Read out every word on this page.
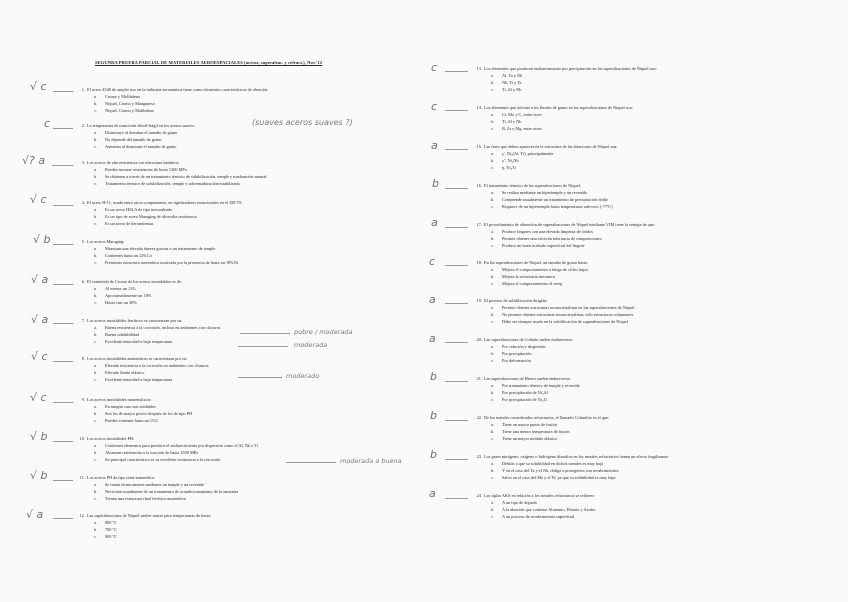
SEGUNDA PRUEBA PARCIAL DE MATERIALES AEROESPACIALES (aceros, superaleac. y refract.), Nov.'12
1. El acero 4340 de amplio uso en la industria aeronáutica tiene como elementos característicos de aleación:
a. Cromo y Molibdeno
b. Níquel, Cromo y Manganeso
c. Níquel, Cromo y Molibdeno
2. La temperatura de transición dúctil-frágil en los aceros suaves:
a. Disminuye al dominar el tamaño de grano
b. No depende del tamaño de grano
c. Aumenta al disminuir el tamaño de grano
3. Los aceros de alta resistencia con estructura bainítica:
a. Pueden mostrar resistencias de hasta 1200 MPa
b. Se obtienen a través de un tratamiento térmico de solubilización, temple y maduración natural
c. Tratamiento térmico de solubilización, temple y sobremaduración/estabilizado
4. El acero H-11, usado entre otros componentes, en rigidizadores estructurales en el XB-70:
a. Es un acero HSLA de tipo microaleado
b. Es un tipo de acero Maraging de ultra-alta resistencia
c. Es un acero de herramientas
5. Los aceros Maraging:
a. Muestran una elevada dureza gracias a un tratamiento de temple
b. Contienen hasta un 12%Co
c. Presentan estructura austenítica motivada por la presencia de hasta un 18%Ni
6. El contenido de Cromo de los aceros inoxidables es de:
a. Al menos un 11%
b. Aproximadamente un 18%
c. Hasta casi un 30%
7. Los aceros inoxidables ferríticos se caracterizan por su:
a. Buena resistencia a la corrosión, incluso en ambientes con cloruros
b. Buena solidabilidad
c. Excelente tenacidad a baja temperatura
8. Los aceros inoxidables austeníticos se caracterizan por su:
a. Elevada resistencia a la corrosión en ambientes con cloruros
b. Elevado límite elástico
c. Excelente tenacidad a baja temperatura
9. Los aceros inoxidables martensíticos:
a. En ningún caso son soldables
b. Son los de mayor precio después de los de tipo PH
c. Pueden contener hasta un 1%C
10. Los aceros inoxidables PH:
a. Contienen elementos para producir el endurecimiento por dispersión como el Al, Nb o Ti
b. Alcanzan resistencias a la tracción de hasta 1500 MPa
c. Su principal característica es su excelente resistencia a la corrosión
11. Los aceros PH de tipo semi-austenítico:
a. Se tratan térmicamente mediante un temple y un revenido
b. Necesitan usualmente de un tratamiento de acondicionamiento de la austenita
c. Tienen una estructura final ferrítico-austenítica
12. Las superaleaciones de Níquel suelen usarse para temperaturas de hasta:
a. 800 ºC
b. 700 ºC
c. 900 ºC
13. Los elementos que producen endurecimiento por precipitación en las superaleaciones de Níquel son:
a. Al, Ta y Nb
b. Nb, Ti y Ta
c. Ti, Al y Nb
14. Los elementos que afectan a los límites de grano en las superaleaciones de Níquel son:
a. Cr, Mo y C, entre otros
b. Ti, Al y Nb
c. B, Zr y Mg, entre otros
15. Las fases que deben aparecer en la estructura de las aleaciones de Níquel son:
a. γ', Ni₃(Al, Ti), principalmente
b. γ'', Ni₃Nb
c. η, Ni₃Ti
16. El tratamiento térmico de las superaleaciones de Níquel:
a. Se realiza mediante un hipertemple y un revenido
b. Comprende usualmente un tratamiento de precipitación doble
c. Requiere de un hipertemple hasta temperaturas sub-cero (-77ºC)
17. El procedimiento de obtención de superaleaciones de Níquel mediante VIM tiene la ventaja de que:
a. Produce lingotes con una elevada limpieza de óxidos
b. Permite obtener una estrecha tolerancia de composiciones
c. Produce un buen acabado superficial del lingote
18. En las superaleaciones de Níquel, un tamaño de grano basto:
a. Mejora el comportamiento a fatiga de ciclos bajos
b. Mejora la resistencia mecánica
c. Mejora el comportamiento al creep
19. El proceso de solidificación dirigida:
a. Permite obtener estructuras monocristalinas en las superaleaciones de Níquel
b. No permite obtener estructuras monocristalinas, sólo estructuras columnares
c. Debe ser siempre usado en la solidificación de superaleaciones de Níquel
20. Las superaleaciones de Cobalto suelen endurecerse:
a. Por solución y dispersión
b. Por precipitación
c. Por deformación
21. Las superaleaciones de Hierro suelen endurecerse:
a. Por tratamiento térmico de temple y revenido
b. Por precipitación de Ni₃Al
c. Por precipitación de Ni₃Ti
22. De los metales considerados refractarios, el llamado Columbio es el que:
a. Tiene un mayor punto de fusión
b. Tiene una menor temperatura de fusión
c. Tiene un mayor módulo elástico
23. Los gases nitrógeno, oxígeno o hidrógeno disueltos en los metales refractarios tienen un efecto fragilizante:
a. Debido a que su solubilidad en dichos metales es muy baja
b. Y en el caso del Ta y el Nb, obliga a protegerlos con recubrimientos
c. Salvo en el caso del Mo y el W, ya que su solubilidad es muy baja
24. Las siglas AKS en relación a los metales refractarios se refieren:
a. A un tipo de dopado
b. A la aleación que contiene Aluminio, Potasio y Azufre
c. A un proceso de recubrimiento superficial
√ c
c
√? a
√ c
√ b
√ a
√ a
√ c
√ c
√ b
√ b
√ a
c
c
a
b
a
c
a
a
b
b
b
a
(suaves aceros suaves ?)
pobre / moderada
moderada
moderado
moderada a buena
